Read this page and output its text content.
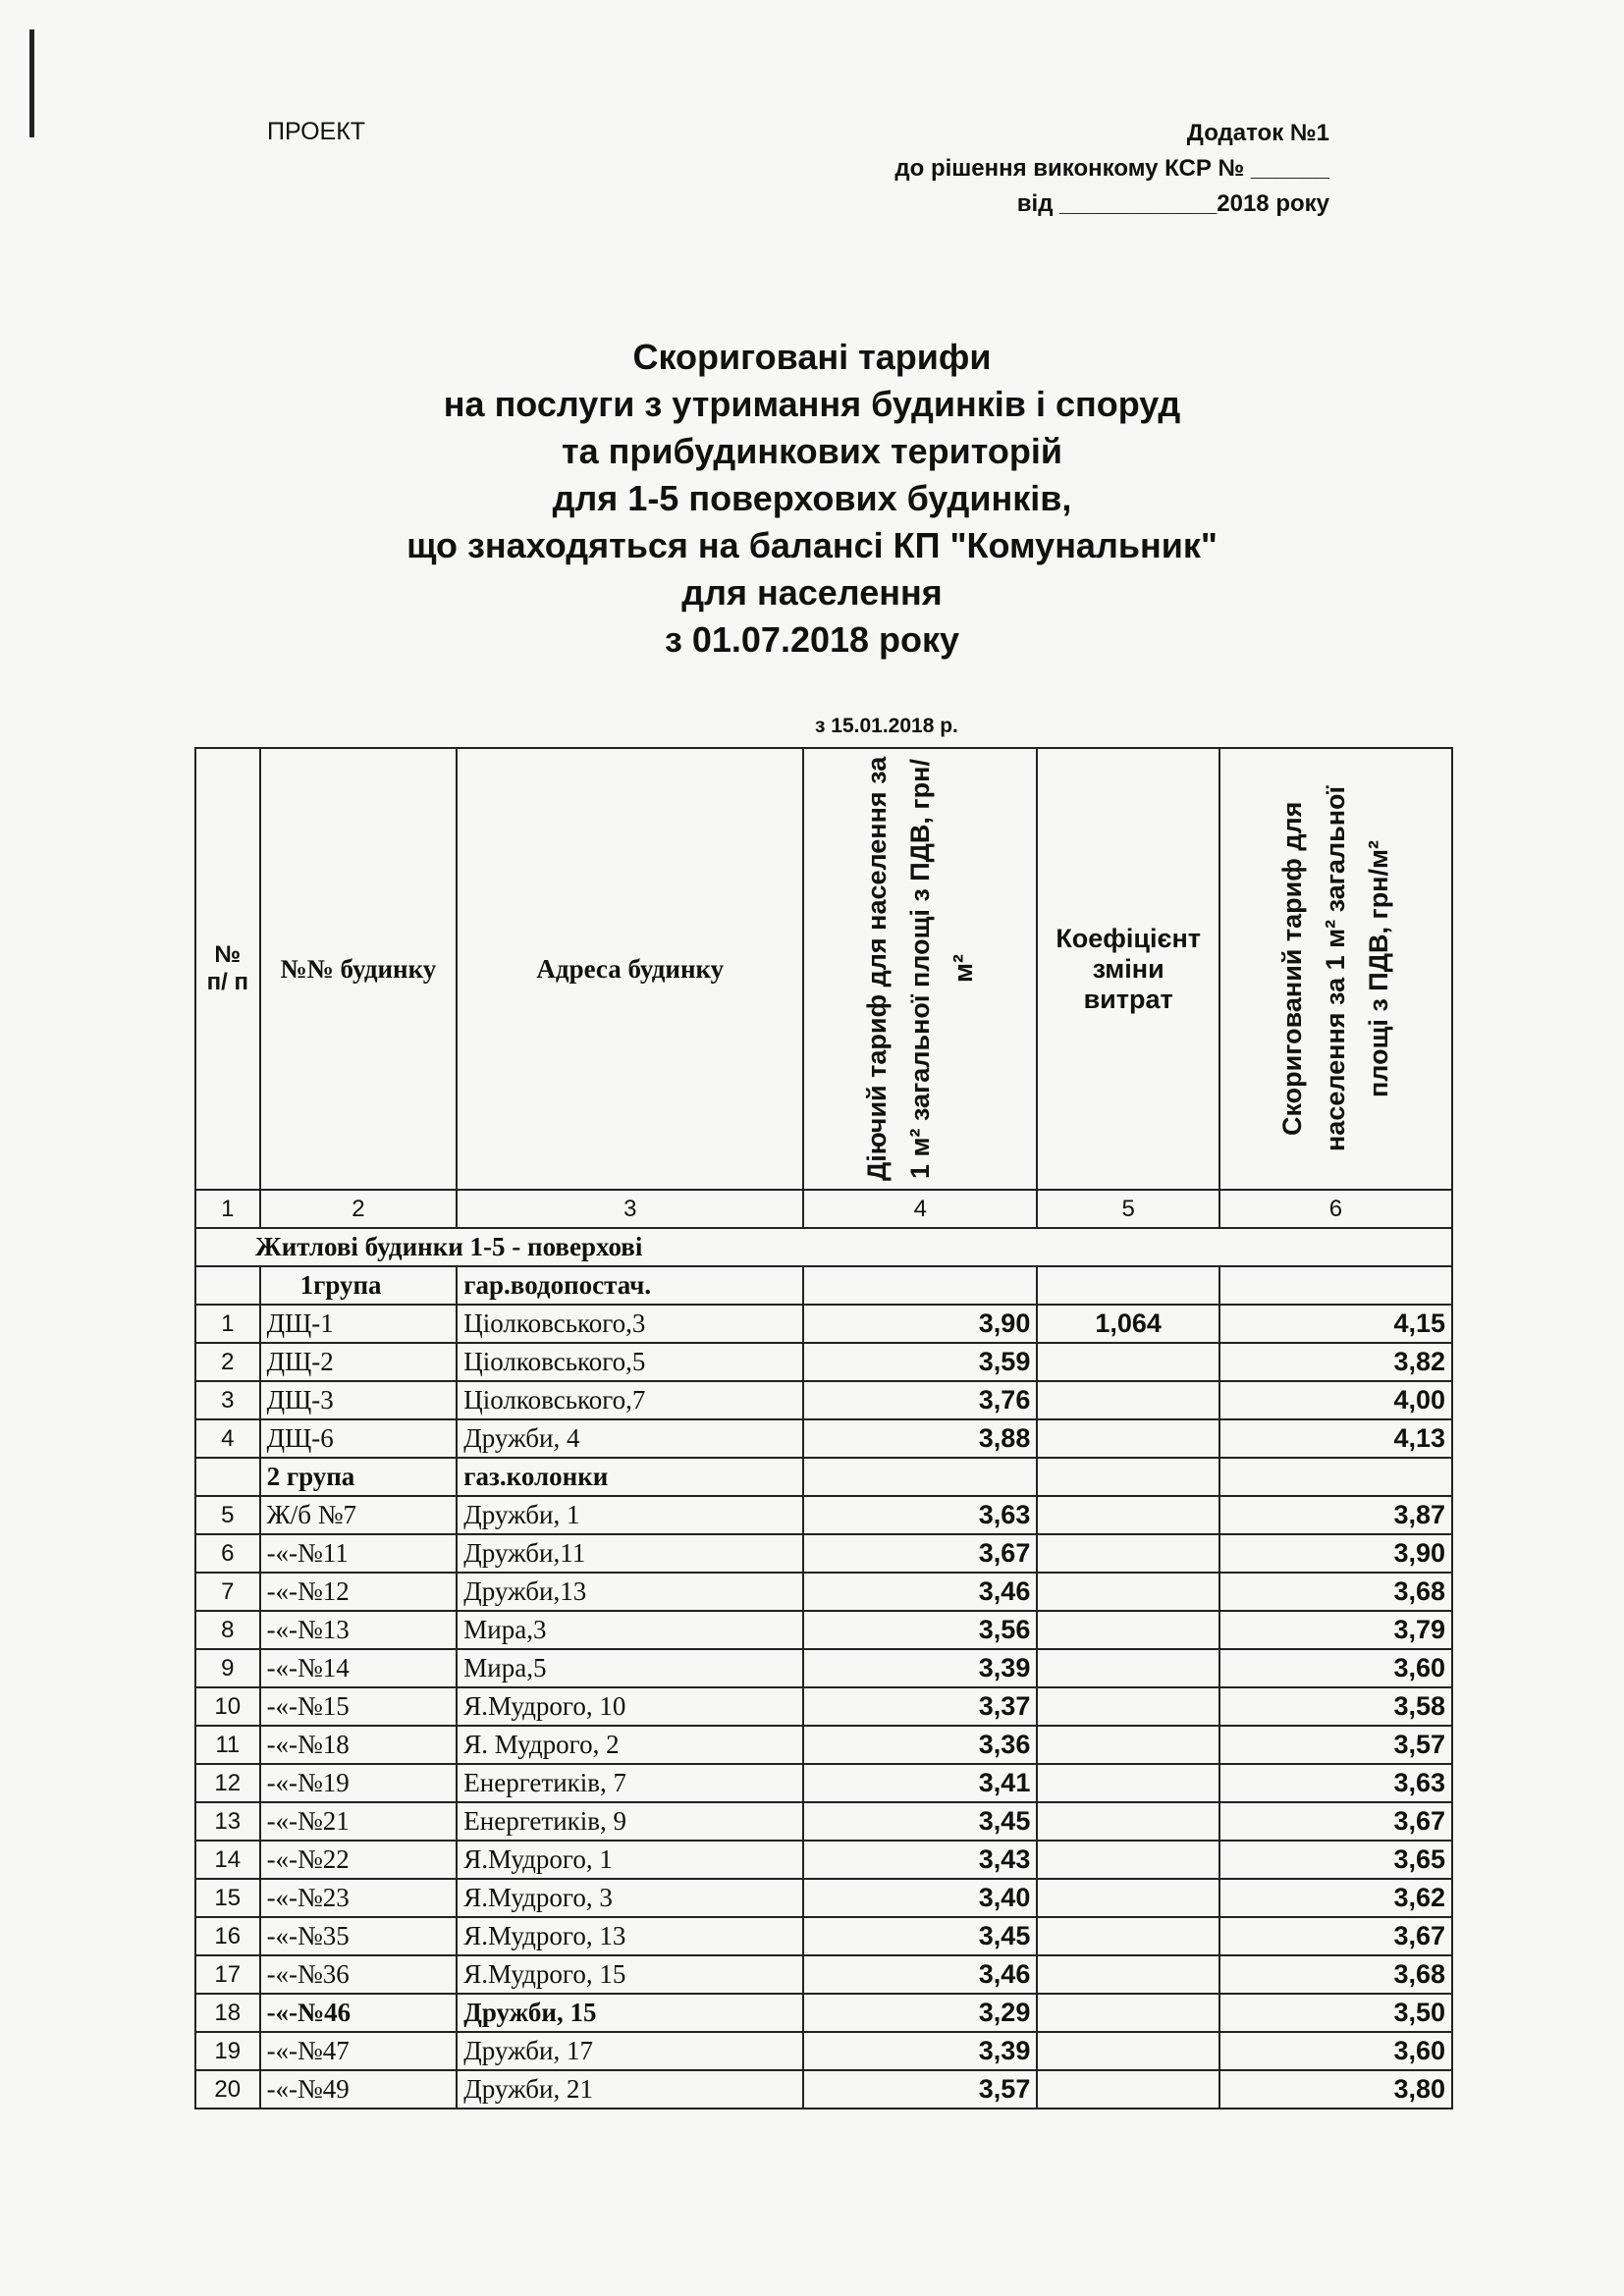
ПРОЕКТ	Додаток №1
до рішення виконкому КСР № ______
від ____________2018 року
Скориговані тарифи
на послуги з утримання будинків і споруд
та прибудинкових територій
для 1-5 поверхових будинків,
що знаходяться на балансі КП "Комунальник"
для населення
з 01.07.2018 року
з 15.01.2018 р.
№ п/ п	№№ будинку	Адреса будинку	Діючий тариф для населення за 1 м² загальної площі з ПДВ, грн/м²	Коефіцієнт зміни витрат	Скоригований тариф для населення за 1 м² загальної площі з ПДВ, грн/м²

1	2	3	4	5	6
Житлові будинки 1-5 - поверхові					
	1група	гар.водопостач.			
1	ДЩ-1	Ціолковського,3	3,90	1,064	4,15
2	ДЩ-2	Ціолковського,5	3,59		3,82
3	ДЩ-3	Ціолковського,7	3,76		4,00
4	ДЩ-6	Дружби, 4	3,88		4,13
	2 група	газ.колонки			
5	Ж/б №7	Дружби, 1	3,63		3,87
6	-«-№11	Дружби,11	3,67		3,90
7	-«-№12	Дружби,13	3,46		3,68
8	-«-№13	Мира,3	3,56		3,79
9	-«-№14	Мира,5	3,39		3,60
10	-«-№15	Я.Мудрого, 10	3,37		3,58
11	-«-№18	Я. Мудрого, 2	3,36		3,57
12	-«-№19	Енергетиків, 7	3,41		3,63
13	-«-№21	Енергетиків, 9	3,45		3,67
14	-«-№22	Я.Мудрого, 1	3,43		3,65
15	-«-№23	Я.Мудрого, 3	3,40		3,62
16	-«-№35	Я.Мудрого, 13	3,45		3,67
17	-«-№36	Я.Мудрого, 15	3,46		3,68
18	-«-№46	Дружби, 15	3,29		3,50
19	-«-№47	Дружби, 17	3,39		3,60
20	-«-№49	Дружби, 21	3,57		3,80
